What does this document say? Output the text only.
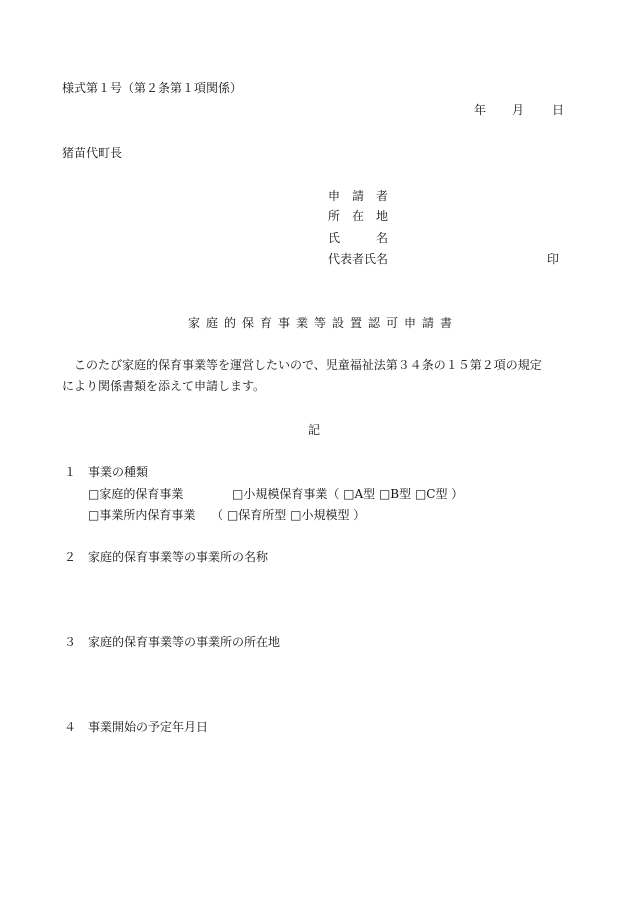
様式第１号（第２条第１項関係）
年 月 日
猪苗代町長
申　請　者
所　在　地
氏　　　名
代表者氏名	印
家庭的保育事業等設置認可申請書
　このたび家庭的保育事業等を運営したいので、児童福祉法第３４条の１５第２項の規定
により関係書類を添えて申請します。
記
１　事業の種類
□家庭的保育事業	□小規模保育事業（ □A型 □B型 □C型 ）
□事業所内保育事業　 （ □保育所型 □小規模型 ）
２　家庭的保育事業等の事業所の名称
３　家庭的保育事業等の事業所の所在地
４　事業開始の予定年月日
